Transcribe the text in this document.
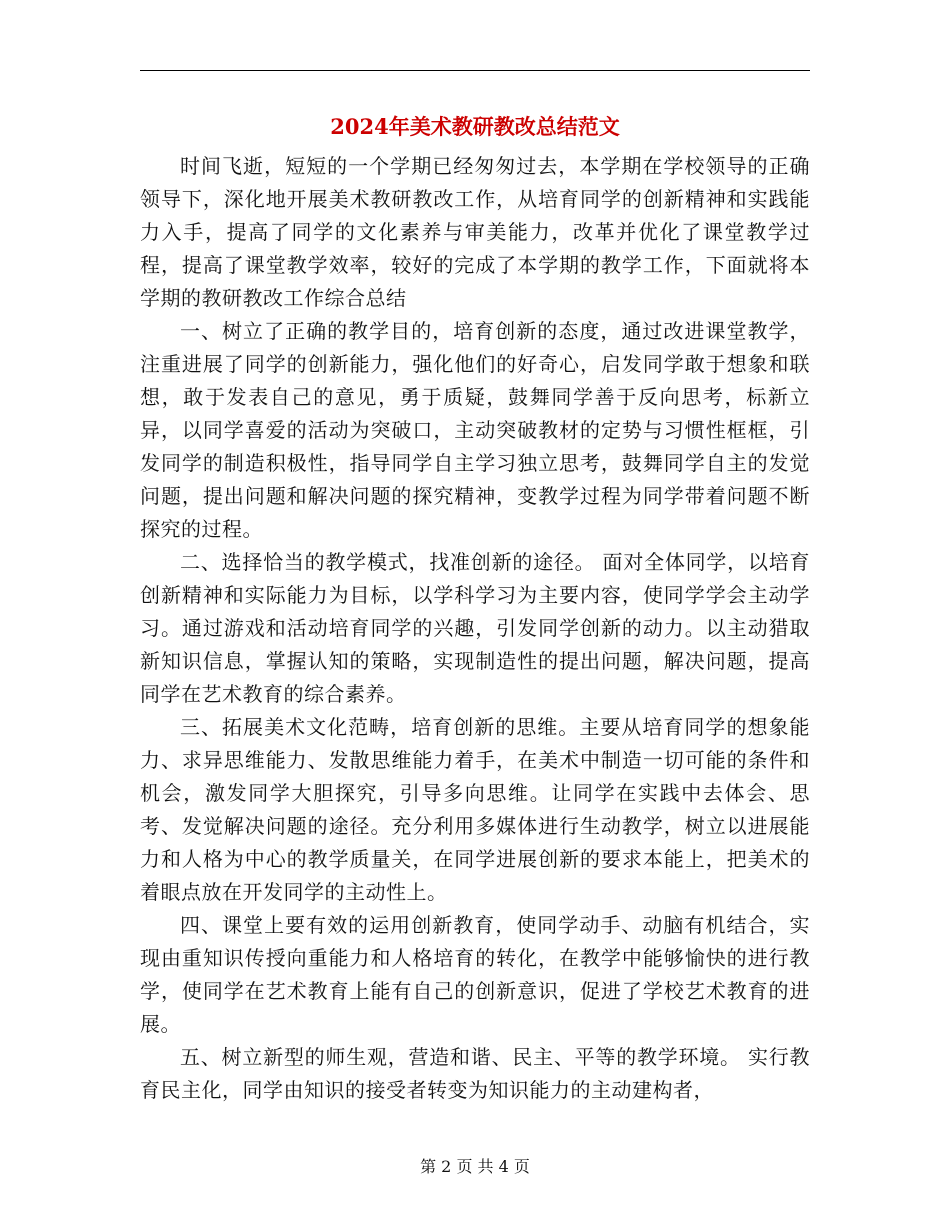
2024年美术教研教改总结范文

时间飞逝，短短的一个学期已经匆匆过去，本学期在学校领导的正确领导下，深化地开展美术教研教改工作，从培育同学的创新精神和实践能力入手，提高了同学的文化素养与审美能力，改革并优化了课堂教学过程，提高了课堂教学效率，较好的完成了本学期的教学工作，下面就将本学期的教研教改工作综合总结

一、树立了正确的教学目的，培育创新的态度，通过改进课堂教学，注重进展了同学的创新能力，强化他们的好奇心，启发同学敢于想象和联想，敢于发表自己的意见，勇于质疑，鼓舞同学善于反向思考，标新立异，以同学喜爱的活动为突破口，主动突破教材的定势与习惯性框框，引发同学的制造积极性，指导同学自主学习独立思考，鼓舞同学自主的发觉问题，提出问题和解决问题的探究精神，变教学过程为同学带着问题不断探究的过程。

二、选择恰当的教学模式，找准创新的途径。 面对全体同学，以培育创新精神和实际能力为目标，以学科学习为主要内容，使同学学会主动学习。通过游戏和活动培育同学的兴趣，引发同学创新的动力。以主动猎取新知识信息，掌握认知的策略，实现制造性的提出问题，解决问题，提高同学在艺术教育的综合素养。

三、拓展美术文化范畴，培育创新的思维。主要从培育同学的想象能力、求异思维能力、发散思维能力着手，在美术中制造一切可能的条件和机会，激发同学大胆探究，引导多向思维。让同学在实践中去体会、思考、发觉解决问题的途径。充分利用多媒体进行生动教学，树立以进展能力和人格为中心的教学质量关，在同学进展创新的要求本能上，把美术的着眼点放在开发同学的主动性上。

四、课堂上要有效的运用创新教育，使同学动手、动脑有机结合，实现由重知识传授向重能力和人格培育的转化，在教学中能够愉快的进行教学，使同学在艺术教育上能有自己的创新意识，促进了学校艺术教育的进展。

五、树立新型的师生观，营造和谐、民主、平等的教学环境。 实行教育民主化，同学由知识的接受者转变为知识能力的主动建构者，

第 2 页 共 4 页
